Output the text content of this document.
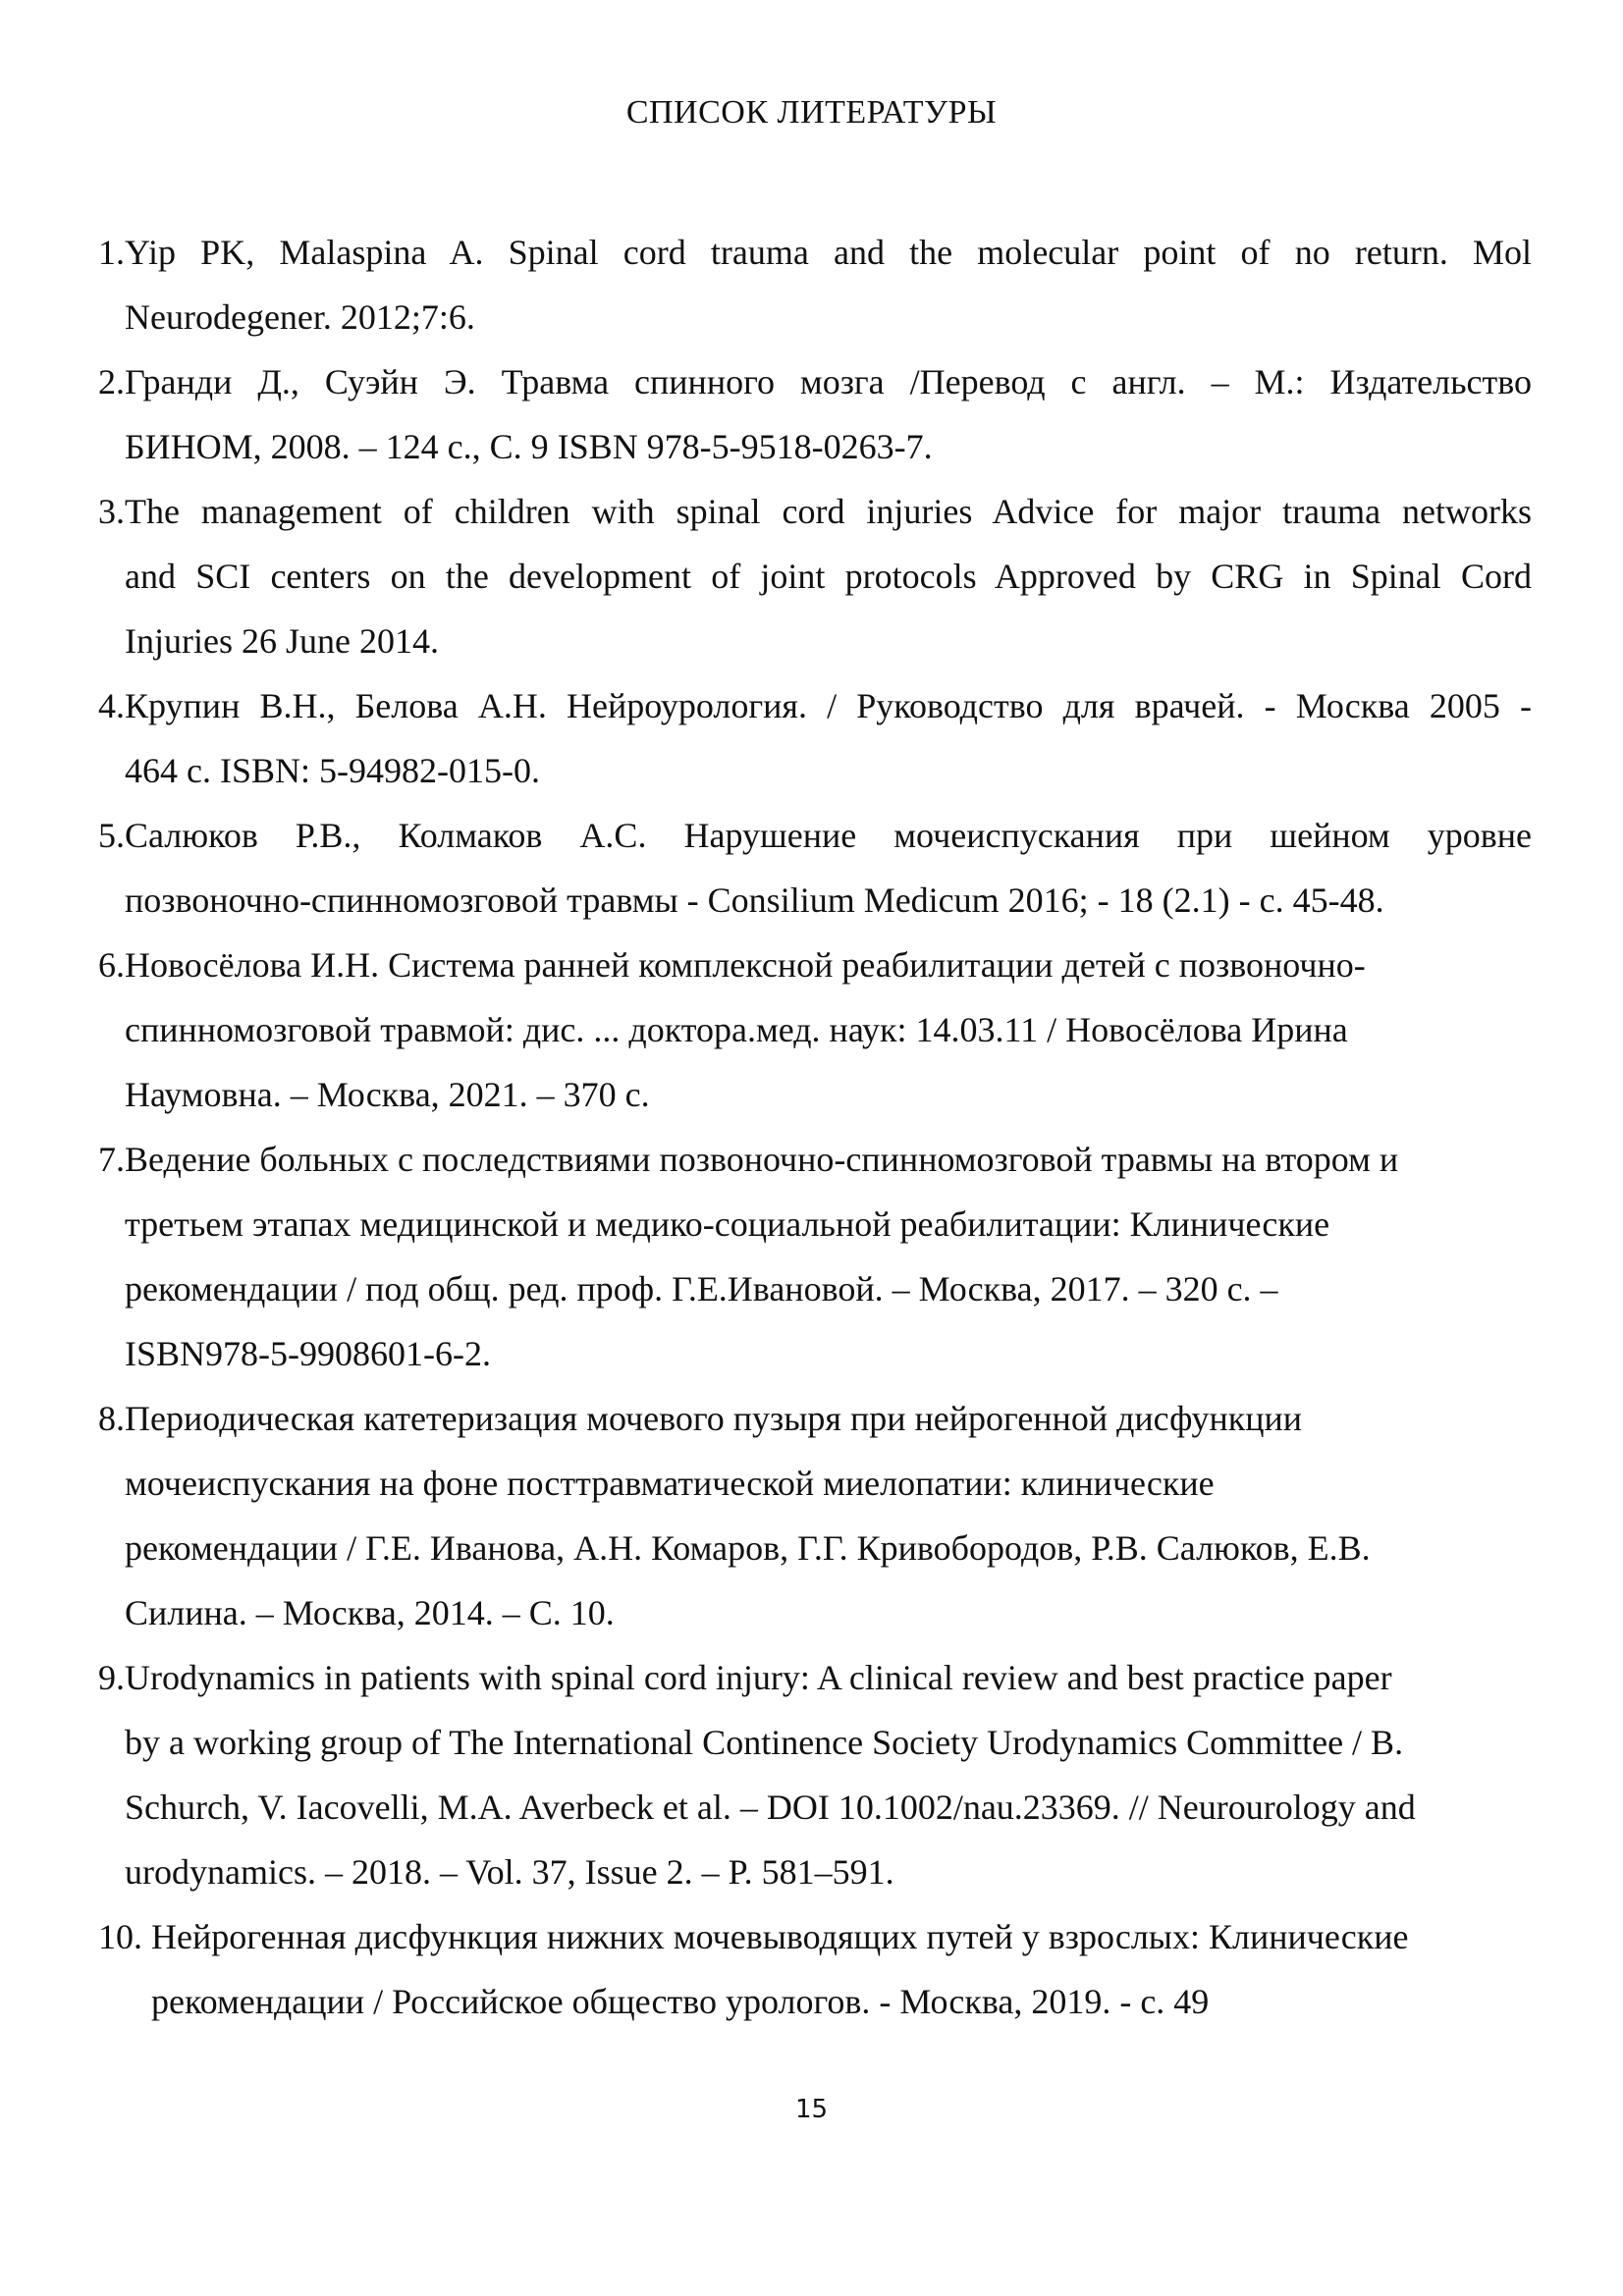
СПИСОК ЛИТЕРАТУРЫ
1. Yip PK, Malaspina A. Spinal cord trauma and the molecular point of no return. Mol
Neurodegener. 2012;7:6.
2. Гранди Д., Суэйн Э. Травма спинного мозга /Перевод с англ. – М.: Издательство
БИНОМ, 2008. – 124 с., С. 9 ISBN 978-5-9518-0263-7.
3. The management of children with spinal cord injuries Advice for major trauma networks
and SCI centers on the development of joint protocols Approved by CRG in Spinal Cord
Injuries 26 June 2014.
4. Крупин В.Н., Белова А.Н. Нейроурология. / Руководство для врачей. - Москва 2005 -
464 с. ISBN: 5-94982-015-0.
5. Салюков Р.В., Колмаков А.С. Нарушение мочеиспускания при шейном уровне
позвоночно-спинномозговой травмы - Consilium Medicum 2016; - 18 (2.1) - с. 45-48.
6. Новосёлова И.Н. Система ранней комплексной реабилитации детей с позвоночно-
спинномозговой травмой: дис. ... доктора.мед. наук: 14.03.11 / Новосёлова Ирина
Наумовна. – Москва, 2021. – 370 с.
7. Ведение больных с последствиями позвоночно-спинномозговой травмы на втором и
третьем этапах медицинской и медико-социальной реабилитации: Клинические
рекомендации / под общ. ред. проф. Г.Е.Ивановой. – Москва, 2017. – 320 с. –
ISBN978-5-9908601-6-2.
8. Периодическая катетеризация мочевого пузыря при нейрогенной дисфункции
мочеиспускания на фоне посттравматической миелопатии: клинические
рекомендации / Г.Е. Иванова, А.Н. Комаров, Г.Г. Кривобородов, Р.В. Салюков, Е.В.
Силина. – Москва, 2014. – С. 10.
9. Urodynamics in patients with spinal cord injury: A clinical review and best practice paper
by a working group of The International Continence Society Urodynamics Committee / B.
Schurch, V. Iacovelli, M.A. Averbeck et al. – DOI 10.1002/nau.23369. // Neurourology and
urodynamics. – 2018. – Vol. 37, Issue 2. – P. 581–591.
10. Нейрогенная дисфункция нижних мочевыводящих путей у взрослых: Клинические
рекомендации / Российское общество урологов. - Москва, 2019. - с. 49
15
